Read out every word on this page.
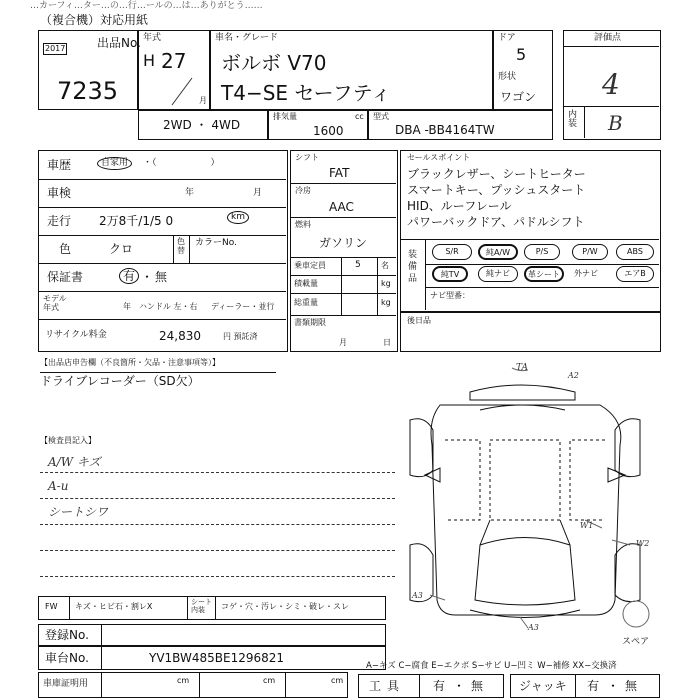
…カーフィ…ター…の…行…ールの…は…ありがとう……
（複合機）対応用紙
出品No.
2017
7235
年式
H 27
月
車名・グレード
ボルボ V70
T4−SE セーフティ
ドア
5
形状
ワゴン
評価点
4
内装 B
2WD ・ 4WD
排気量	cc
1600
型式
DBA -BB4164TW
車歴	自家用	・（　　　　　　）
車検	年	月
走行 2万8千/1/5 0	km
色	クロ
色替
カラーNo.
保証書	有 ・ 無
モデル年式	年 ハンドル 左・右 ディーラー・並行
リサイクル料金	24,830	円 預託済
シフト
FAT
冷房
AAC
燃料
ガソリン
乗車定員	5	名
積載量	kg
総重量	kg
書類期限
月	日
セールスポイント
ブラックレザー、シートヒーター
スマートキー、プッシュスタート
HID、ルーフレール
パワーバックドア、パドルシフト
装備品
S/R	純A/W	P/S	P/W	ABS
純TV	純ナビ	革シート	外ナビ	エアB
ナビ型番：
後日品
【出品店申告欄（不良箇所・欠品・注意事項等）】
ドライブレコーダー（SD欠）
【検査員記入】
A/W キズ
A-u
シートシワ
TA
A2
W1
W2
A3
A3
スペア
FW キズ・ヒビ石・割レX	シート内装	コゲ・穴・汚レ・シミ・破レ・スレ
登録No.
車台No.	YV1BW485BE1296821
車庫証明用	cm	cm	cm
A−キズ C−腐食 E−エクボ S−サビ U−凹ミ W−補修 XX−交換済
工具 有 ・ 無	ジャッキ 有 ・ 無
